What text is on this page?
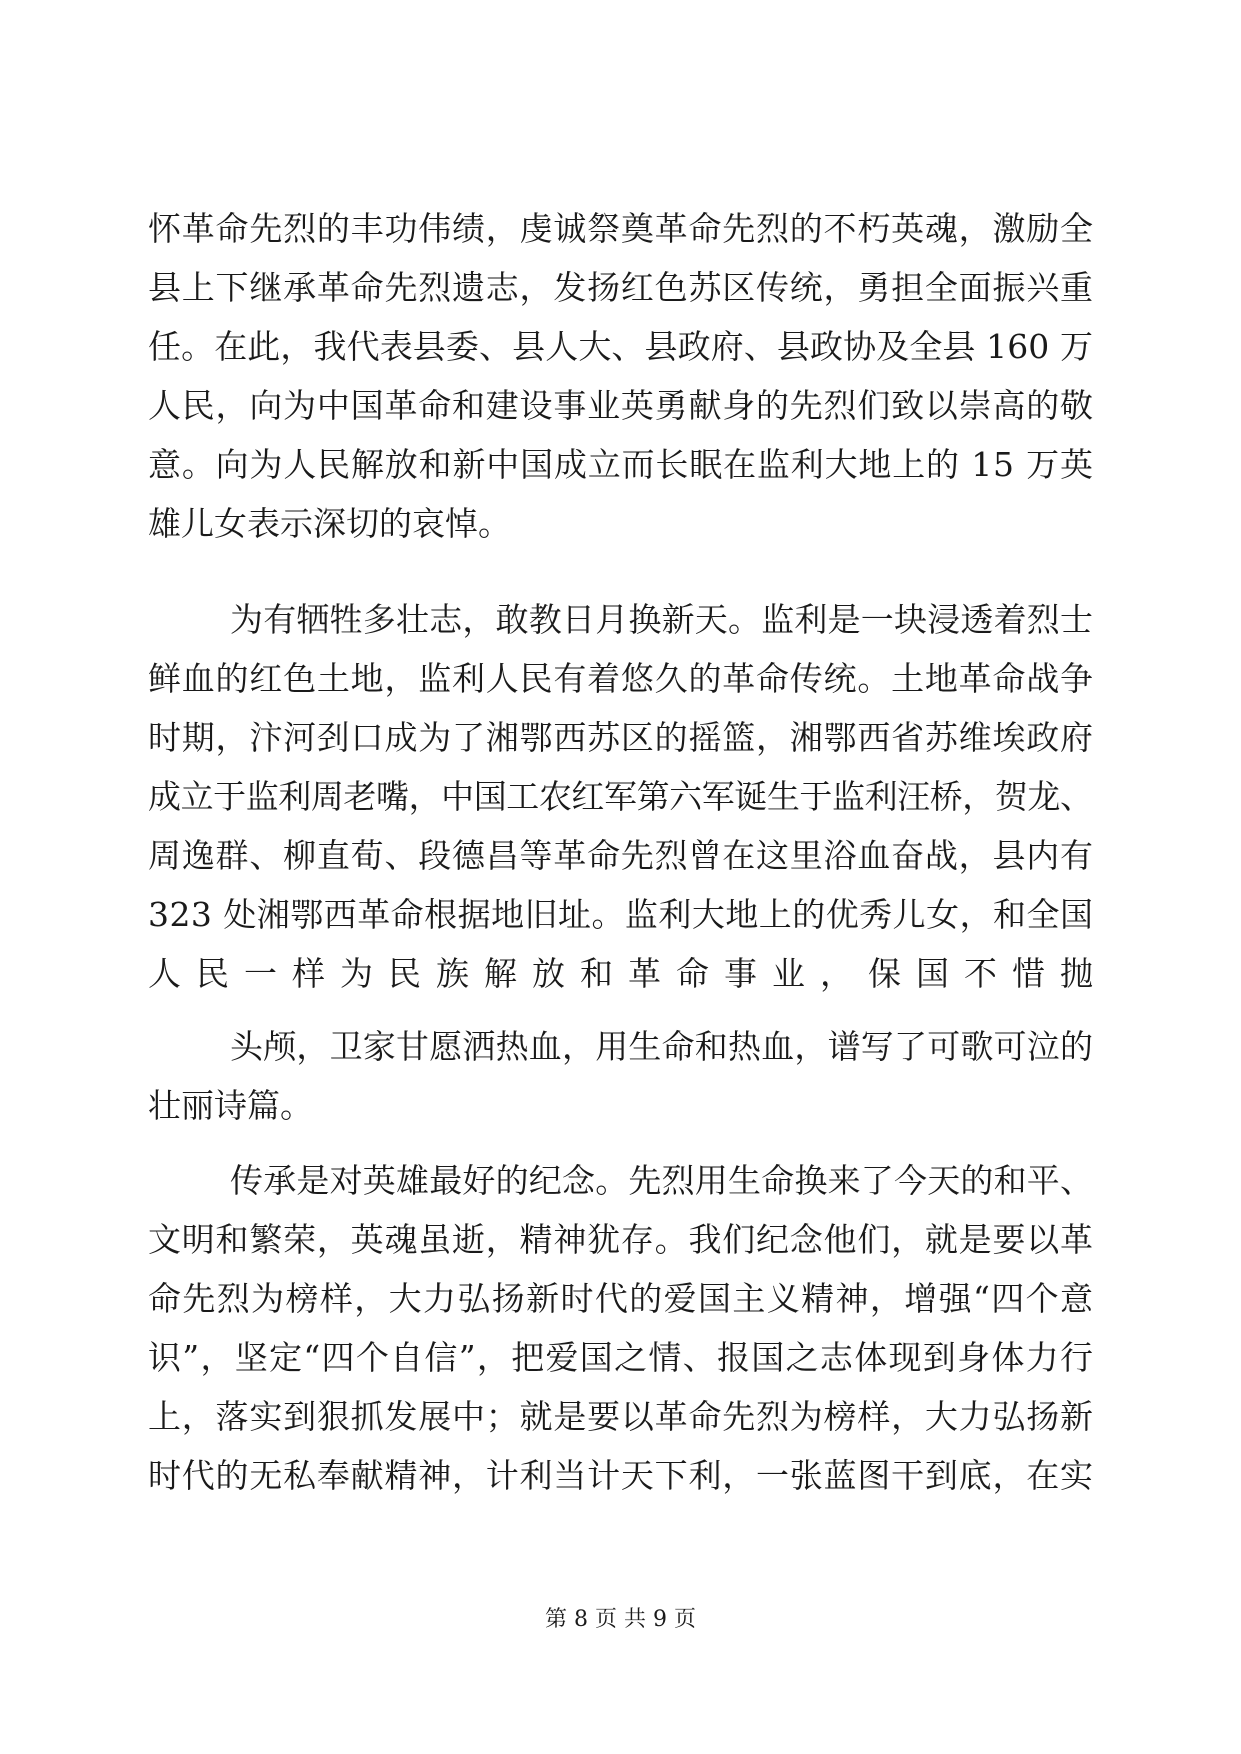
怀革命先烈的丰功伟绩，虔诚祭奠革命先烈的不朽英魂，激励全
县上下继承革命先烈遗志，发扬红色苏区传统，勇担全面振兴重
任。在此，我代表县委、县人大、县政府、县政协及全县 160 万
人民，向为中国革命和建设事业英勇献身的先烈们致以崇高的敬
意。向为人民解放和新中国成立而长眠在监利大地上的 15 万英
雄儿女表示深切的哀悼。
为有牺牲多壮志，敢教日月换新天。监利是一块浸透着烈士
鲜血的红色土地，监利人民有着悠久的革命传统。土地革命战争
时期，汴河刭口成为了湘鄂西苏区的摇篮，湘鄂西省苏维埃政府
成立于监利周老嘴，中国工农红军第六军诞生于监利汪桥，贺龙、
周逸群、柳直荀、段德昌等革命先烈曾在这里浴血奋战，县内有
323 处湘鄂西革命根据地旧址。监利大地上的优秀儿女，和全国
人民一样为民族解放和革命事业，保国不惜抛
头颅，卫家甘愿洒热血，用生命和热血，谱写了可歌可泣的
壮丽诗篇。
传承是对英雄最好的纪念。先烈用生命换来了今天的和平、
文明和繁荣，英魂虽逝，精神犹存。我们纪念他们，就是要以革
命先烈为榜样，大力弘扬新时代的爱国主义精神，增强“四个意
识”，坚定“四个自信”，把爱国之情、报国之志体现到身体力行
上，落实到狠抓发展中；就是要以革命先烈为榜样，大力弘扬新
时代的无私奉献精神，计利当计天下利，一张蓝图干到底，在实
第 8 页 共 9 页
